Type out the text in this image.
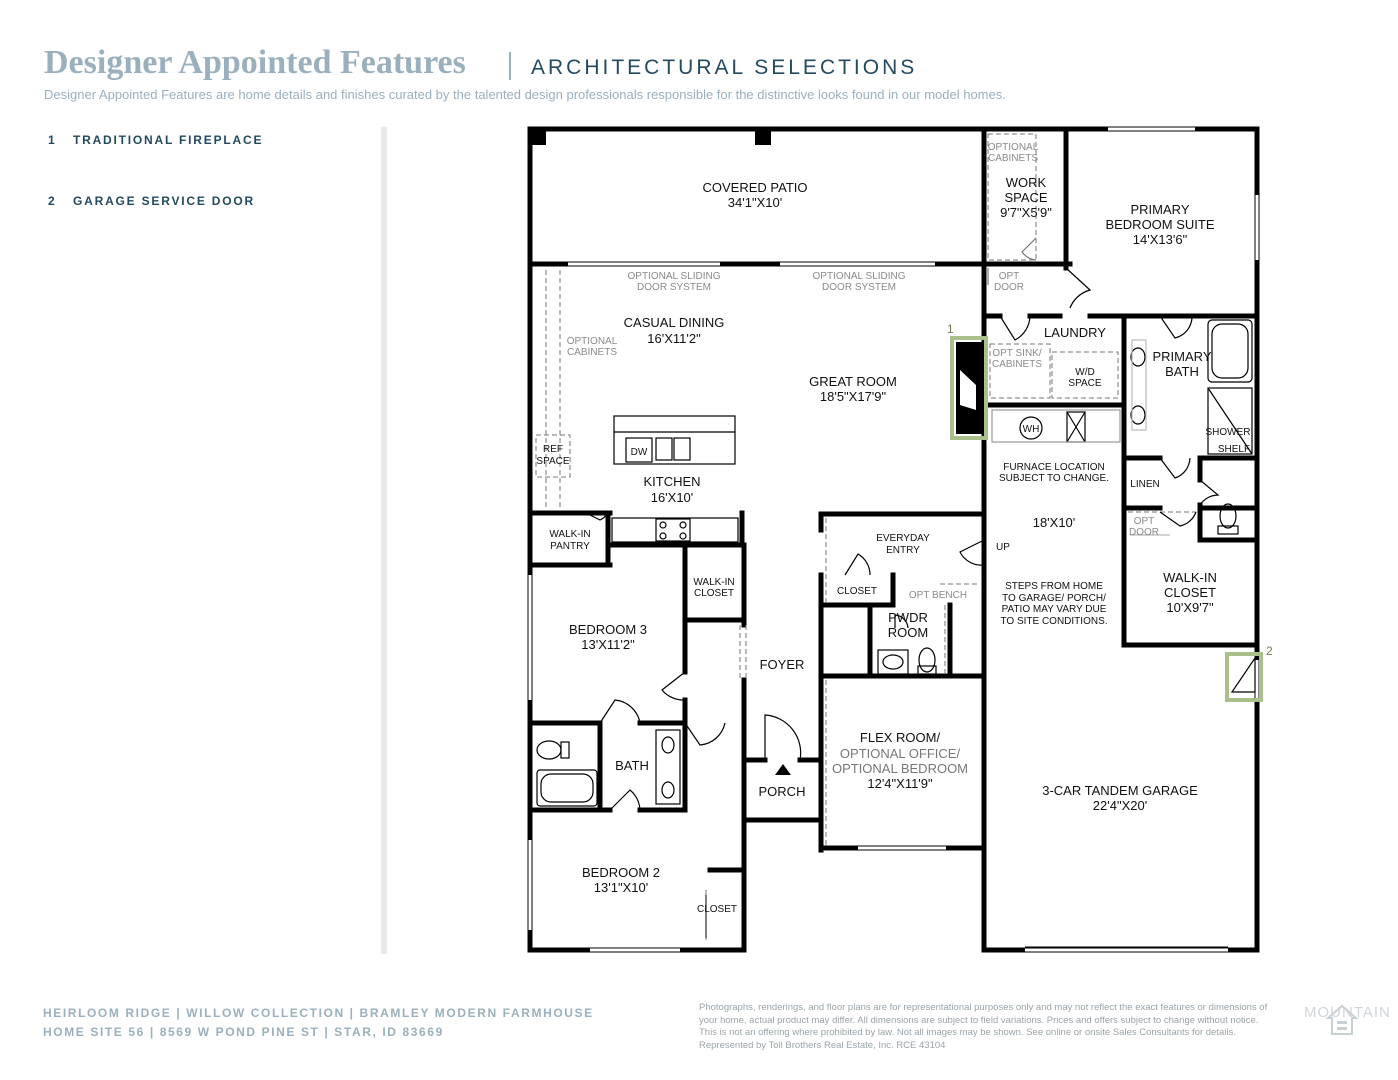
Designer Appointed Features	ARCHITECTURAL SELECTIONS
Designer Appointed Features are home details and finishes curated by the talented design professionals responsible for the distinctive looks found in our model homes.
1 TRADITIONAL FIREPLACE
2 GARAGE SERVICE DOOR
COVERED PATIO
34'1"X10'
WORK
SPACE
9'7"X5'9"	PRIMARY
BEDROOM SUITE
14'X13'6"
CASUAL DINING
16'X11'2"
GREAT ROOM
18'5"X17'9"
LAUNDRY
PRIMARY
BATH
KITCHEN
16'X10'
18'X10'
WALK-IN
CLOSET
10'X9'7"
BEDROOM 3
13'X11'2"
PWDR
ROOM
FOYER
FLEX ROOM/
OPTIONAL OFFICE/
OPTIONAL BEDROOM
12'4"X11'9"
BATH
PORCH	3-CAR TANDEM GARAGE
22'4"X20'
BEDROOM 2
13'1"X10'
FURNACE LOCATION
SUBJECT TO CHANGE.
STEPS FROM HOME
TO GARAGE/ PORCH/
PATIO MAY VARY DUE
TO SITE CONDITIONS.
WALK-IN
PANTRY
EVERYDAY
ENTRY
WALK-IN
CLOSET	CLOSET
CLOSET
LINEN
SHOWER
SHELF
WH
W/D
SPACE
REF
SPACE
DW
UP
OPTIONAL
CABINETS
OPTIONAL SLIDING
DOOR SYSTEM
OPTIONAL SLIDING
DOOR SYSTEM
OPT
DOOR
OPTIONAL
CABINETS	OPT SINK/
CABINETS
OPT
DOOR
OPT BENCH
1
2
HEIRLOOM RIDGE | WILLOW COLLECTION | BRAMLEY MODERN FARMHOUSE
HOME SITE 56 | 8569 W POND PINE ST | STAR, ID 83669
Photographs, renderings, and floor plans are for representational purposes only and may not reflect the exact features or dimensions of
your home, actual product may differ. All dimensions are subject to field variations. Prices and offers subject to change without notice.
This is not an offering where prohibited by law. Not all images may be shown. See online or onsite Sales Consultants for details.
Represented by Toll Brothers Real Estate, Inc. RCE 43104
MOUNTAIN
